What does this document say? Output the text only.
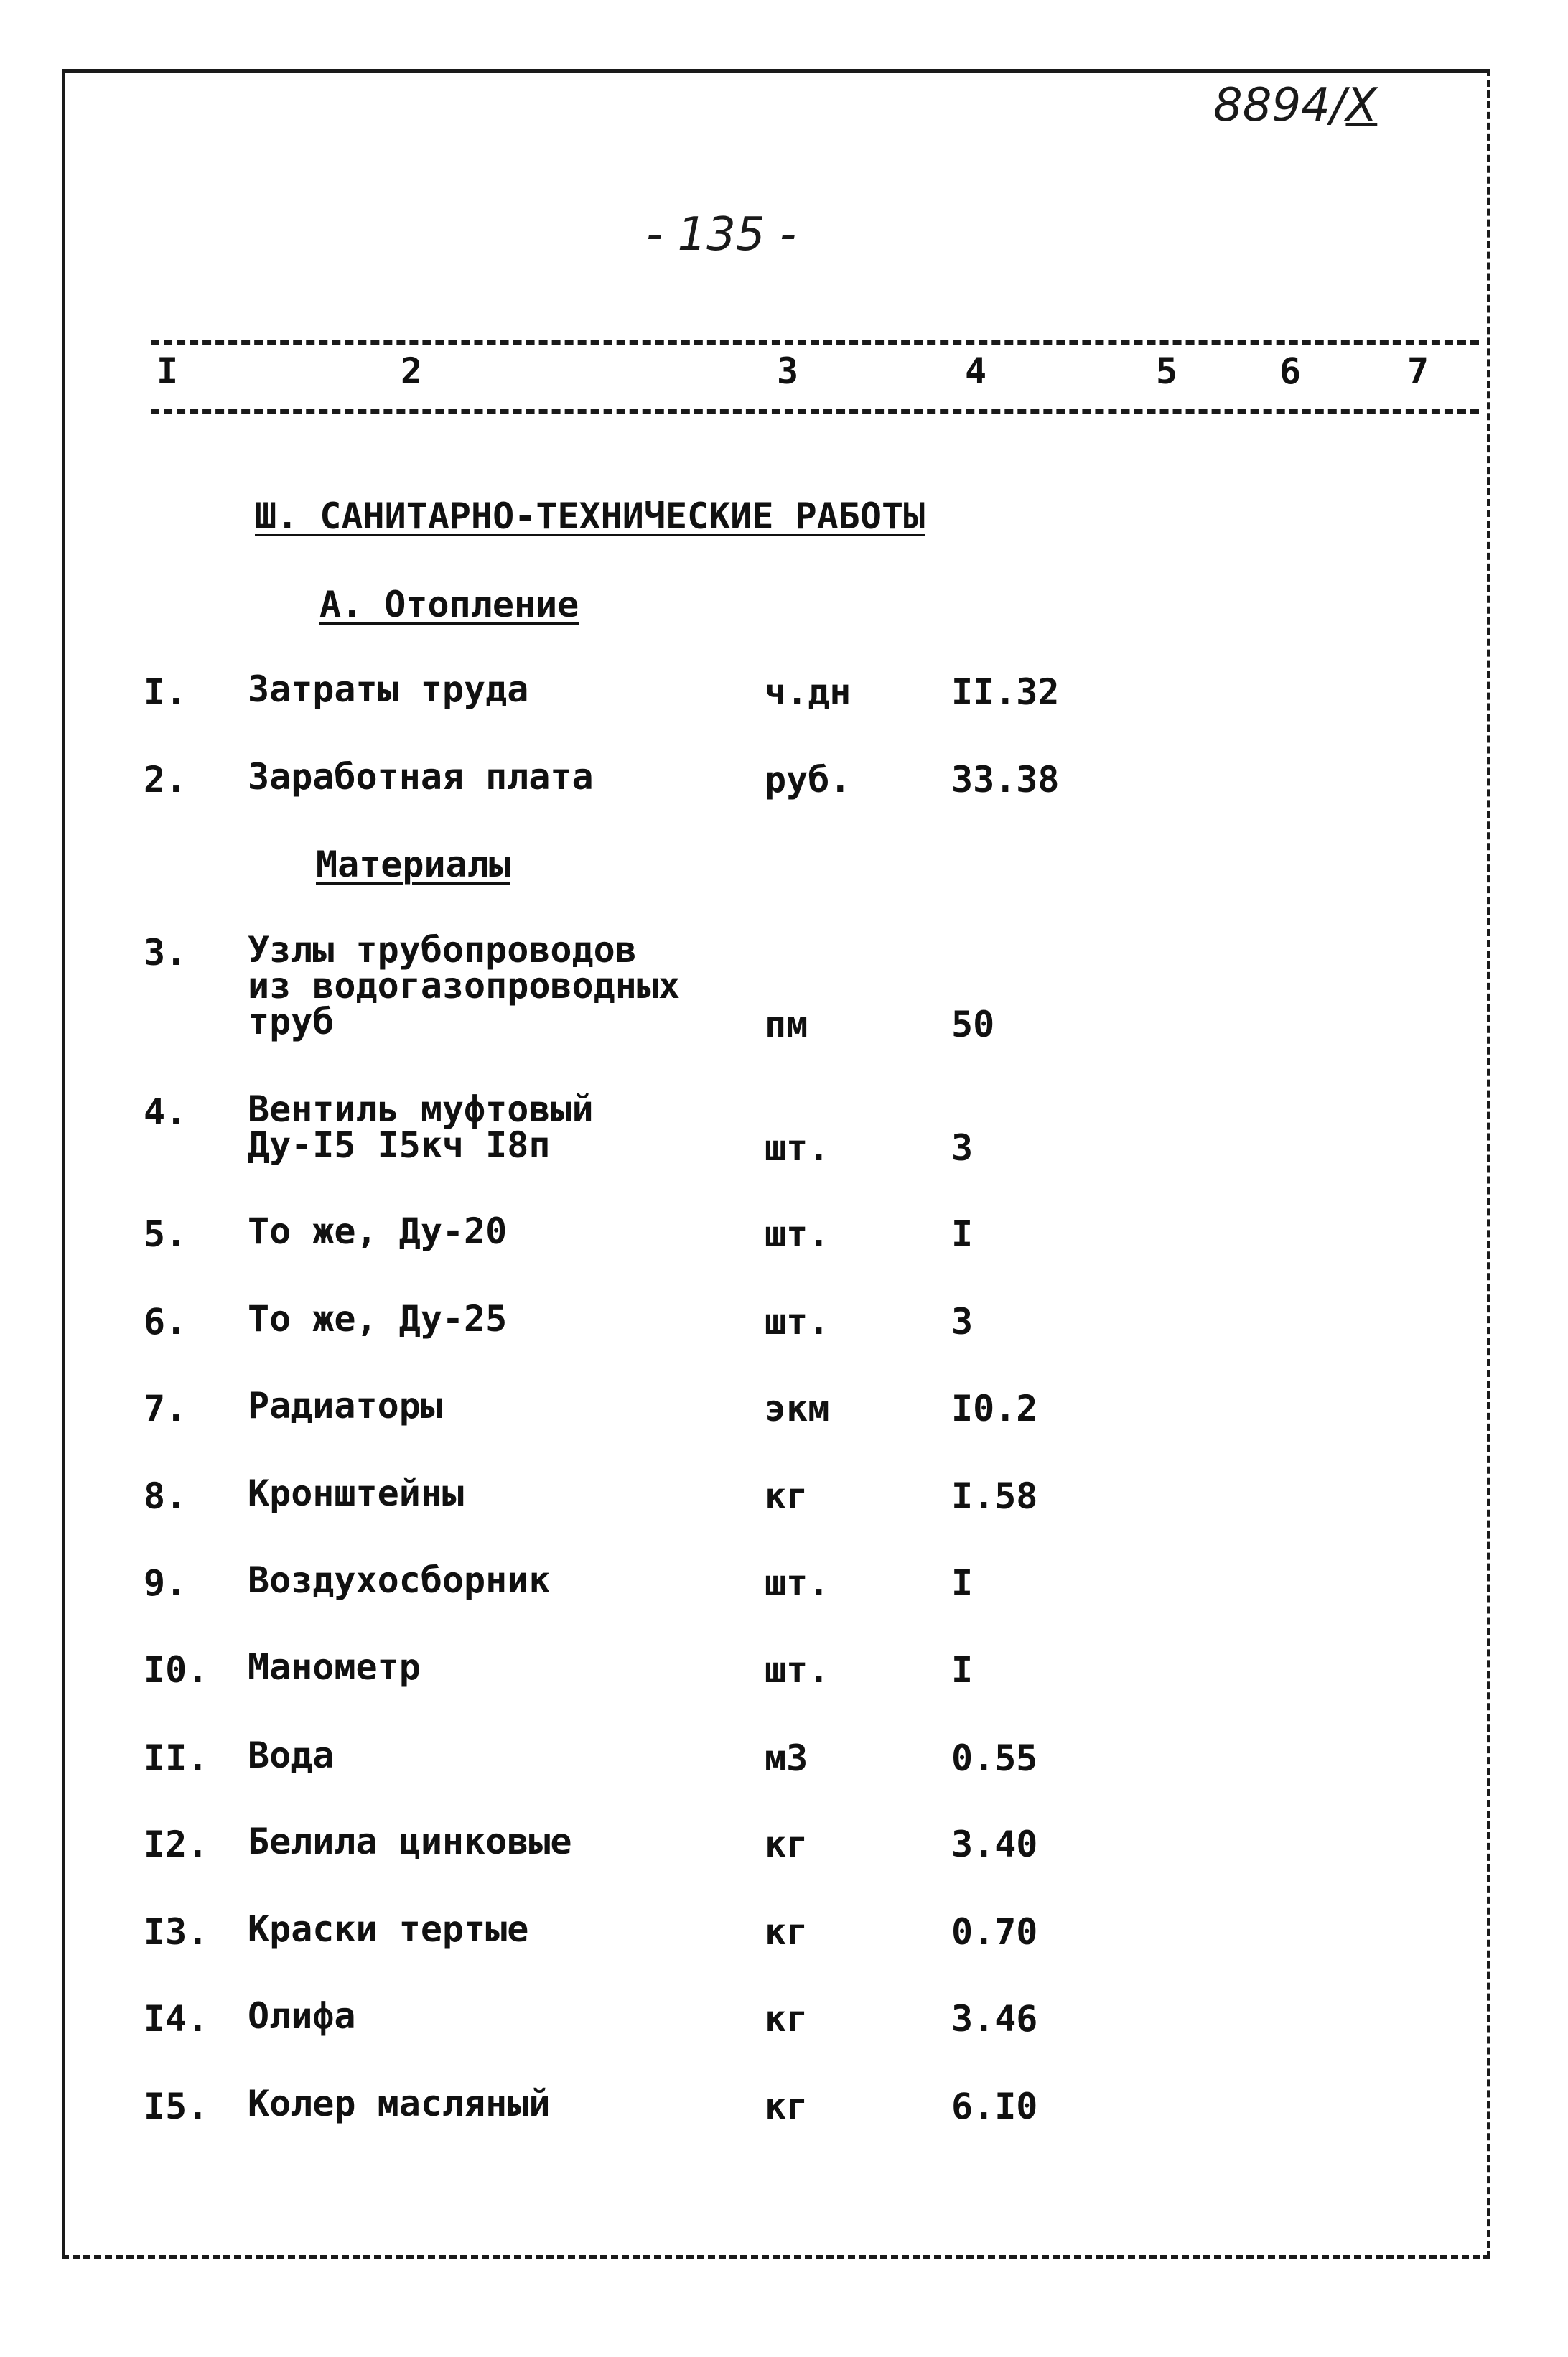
8894/X
- 135 -
I	2	3	4	5	6	7
Ш. САНИТАРНО-ТЕХНИЧЕСКИЕ РАБОТЫ
А. Отопление
I. Затраты труда	ч.дн	II.32
2. Заработная плата	руб.	33.38
Материалы
3. Узлы трубопроводов
из водогазопроводных
труб	пм	50
4. Вентиль муфтовый
Ду-I5 I5кч I8п	шт.	3
5. То же, Ду-20	шт.	I
6. То же, Ду-25	шт.	3
7. Радиаторы	экм	I0.2
8. Кронштейны	кг	I.58
9. Воздухосборник	шт.	I
I0. Манометр	шт.	I
II. Вода	м3	0.55
I2. Белила цинковые	кг	3.40
I3. Краски тертые	кг	0.70
I4. Олифа	кг	3.46
I5. Колер масляный	кг	6.I0
